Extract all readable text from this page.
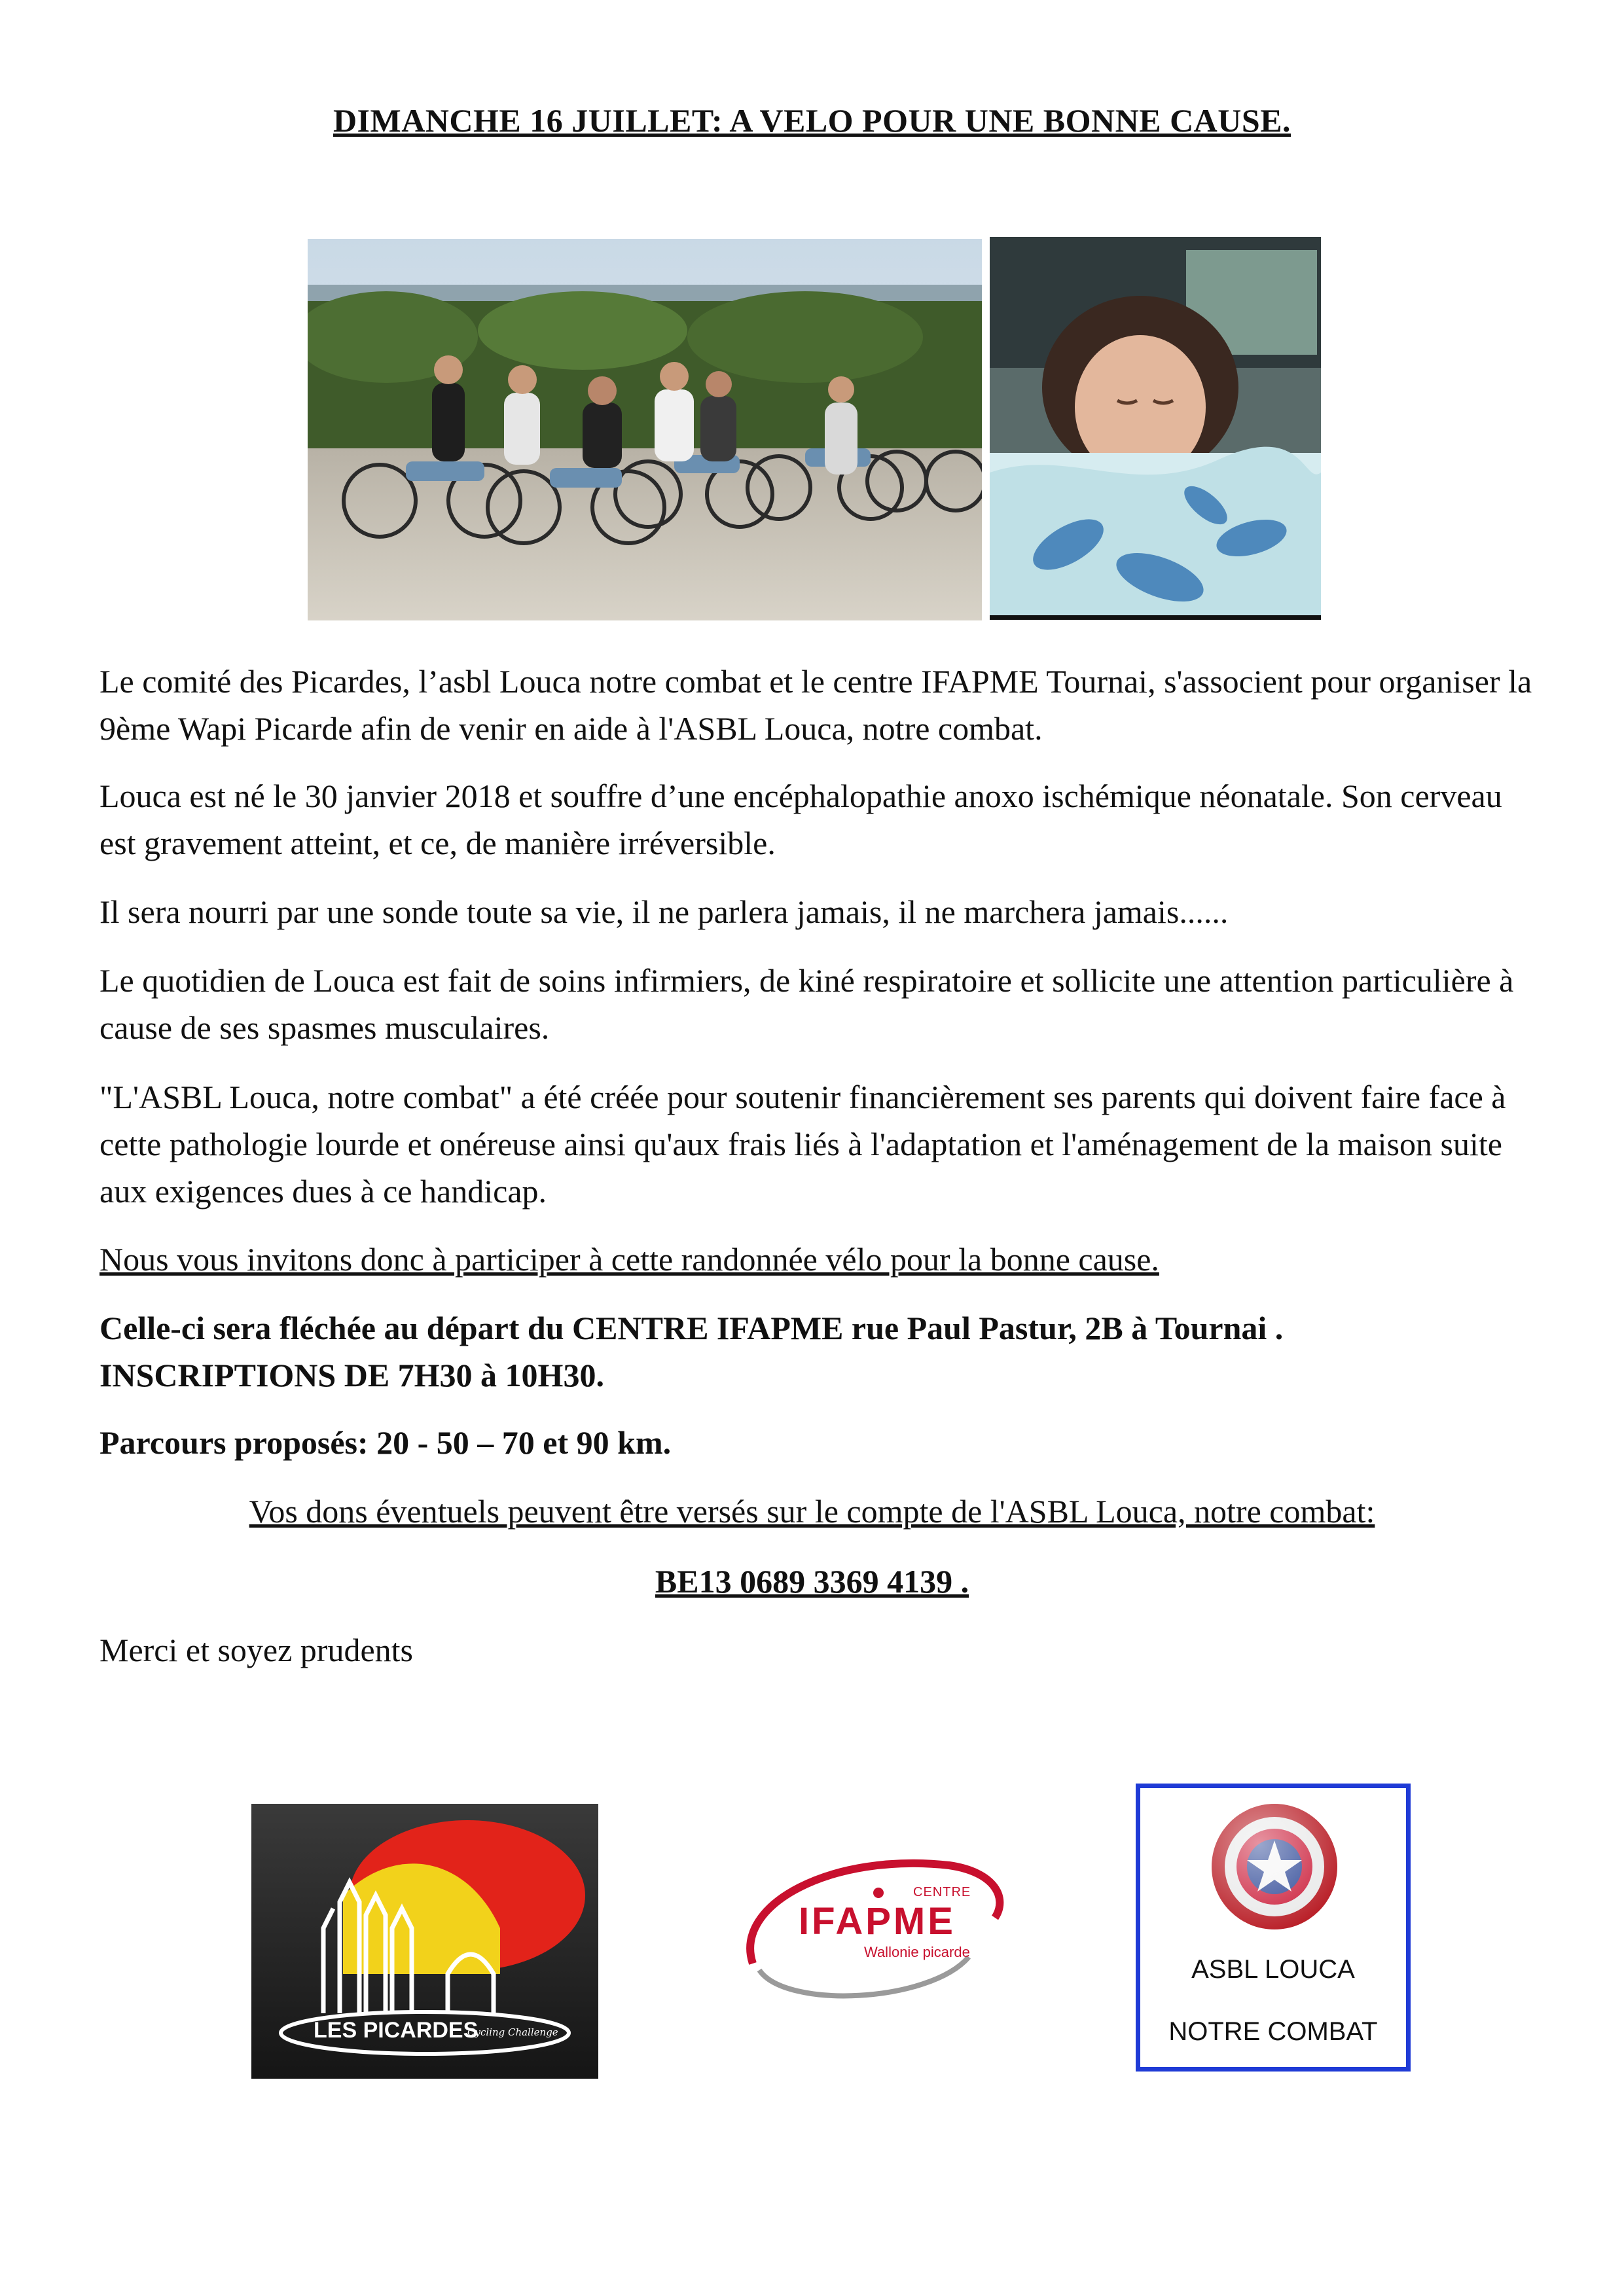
DIMANCHE 16 JUILLET: A VELO POUR UNE BONNE CAUSE.

Le comité des Picardes, l’asbl Louca notre combat et le centre IFAPME Tournai, s'associent pour organiser la 9ème Wapi Picarde afin de venir en aide à l'ASBL Louca, notre combat.

Louca est né le 30 janvier 2018 et souffre d’une encéphalopathie anoxo ischémique néonatale. Son cerveau est gravement atteint, et ce, de manière irréversible.

Il sera nourri par une sonde toute sa vie, il ne parlera jamais, il ne marchera jamais......

Le quotidien de Louca est fait de soins infirmiers, de kiné respiratoire et sollicite une attention particulière à cause de ses spasmes musculaires.

"L'ASBL Louca, notre combat" a été créée pour soutenir financièrement ses parents qui doivent faire face à cette pathologie lourde et onéreuse ainsi qu'aux frais liés à l'adaptation et l'aménagement de la maison suite aux exigences dues à ce handicap.

Nous vous invitons donc à participer à cette randonnée vélo pour la bonne cause.

Celle-ci sera fléchée au départ du CENTRE IFAPME rue Paul Pastur, 2B à Tournai .

INSCRIPTIONS DE 7H30 à 10H30.

Parcours proposés: 20 - 50 – 70 et 90 km.

Vos dons éventuels peuvent être versés sur le compte de l'ASBL Louca, notre combat:

BE13 0689 3369 4139 .

Merci et soyez prudents

LES PICARDES
Cycling Challenge
CENTRE
IFAPME
Wallonie picarde
ASBL LOUCA
NOTRE COMBAT
